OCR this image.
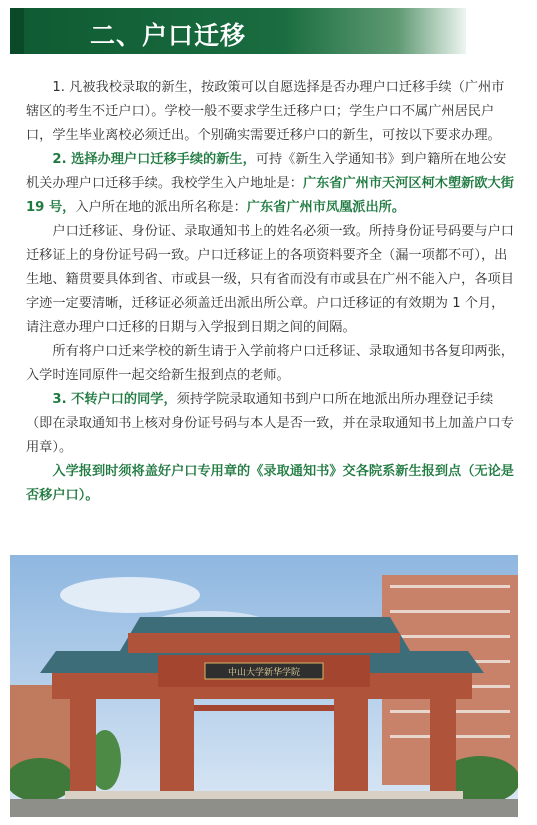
二、户口迁移

1. 凡被我校录取的新生，按政策可以自愿选择是否办理户口迁移手续（广州市辖区的考生不迁户口）。学校一般不要求学生迁移户口；学生户口不属广州居民户口，学生毕业离校必须迁出。个别确实需要迁移户口的新生，可按以下要求办理。

2. 选择办理户口迁移手续的新生，可持《新生入学通知书》到户籍所在地公安机关办理户口迁移手续。我校学生入户地址是：广东省广州市天河区柯木塱新欧大街 19 号，入户所在地的派出所名称是：广东省广州市凤凰派出所。

户口迁移证、身份证、录取通知书上的姓名必须一致。所持身份证号码要与户口迁移证上的身份证号码一致。户口迁移证上的各项资料要齐全（漏一项都不可），出生地、籍贯要具体到省、市或县一级，只有省而没有市或县在广州不能入户，各项目字迹一定要清晰，迁移证必须盖迁出派出所公章。户口迁移证的有效期为 1 个月，请注意办理户口迁移的日期与入学报到日期之间的间隔。

所有将户口迁来学校的新生请于入学前将户口迁移证、录取通知书各复印两张，入学时连同原件一起交给新生报到点的老师。

3. 不转户口的同学，须持学院录取通知书到户口所在地派出所办理登记手续（即在录取通知书上核对身份证号码与本人是否一致，并在录取通知书上加盖户口专用章）。

入学报到时须将盖好户口专用章的《录取通知书》交各院系新生报到点（无论是否移户口）。

中山大学新华学院
